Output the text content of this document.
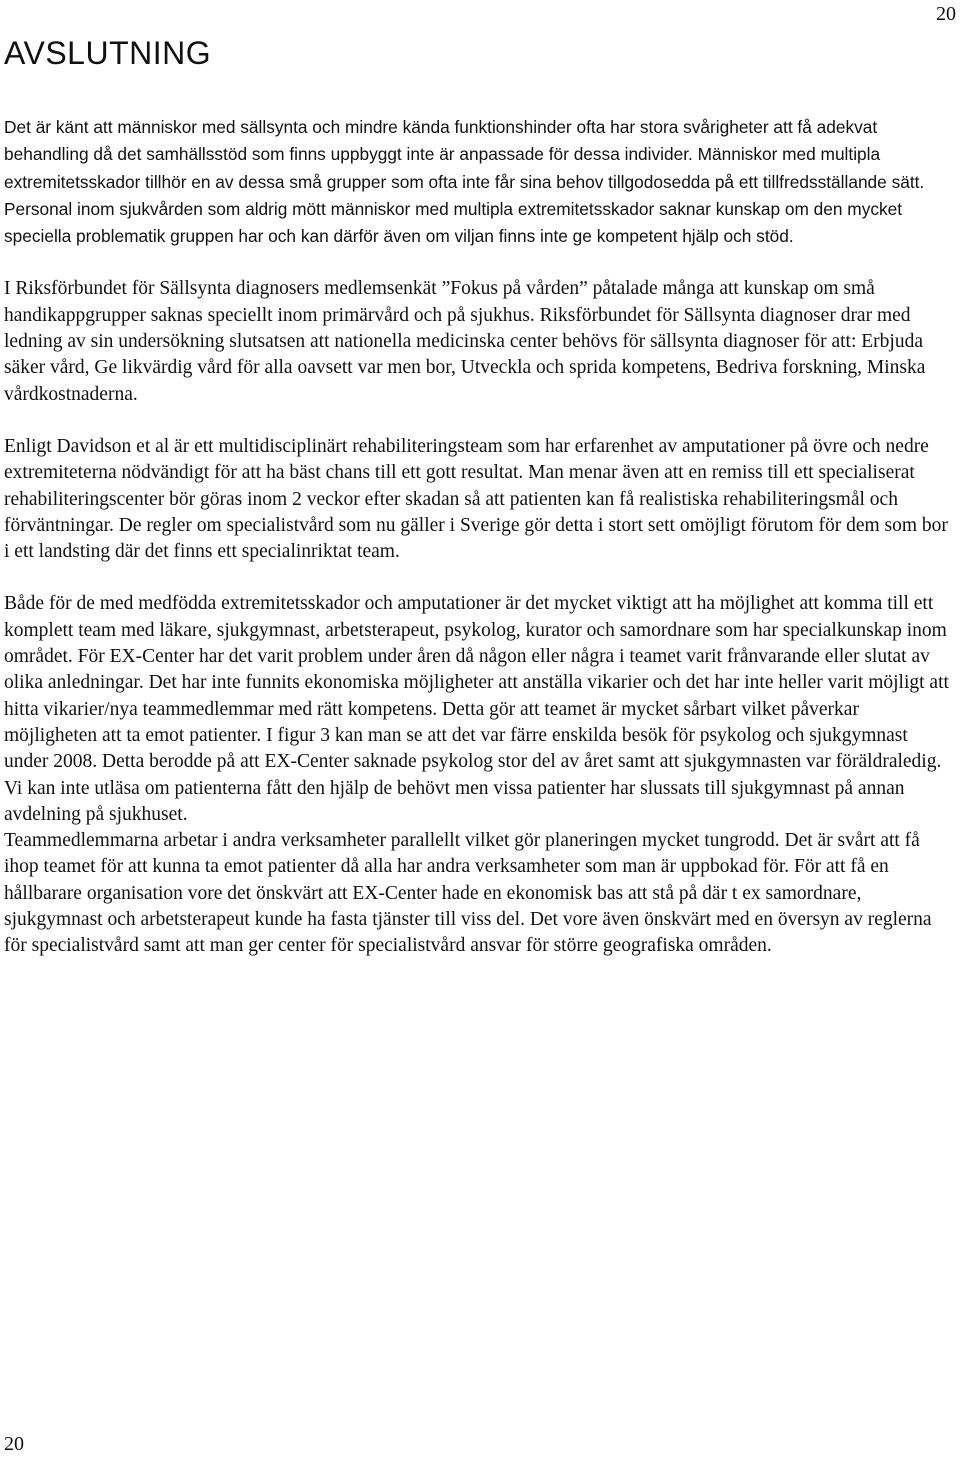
20
AVSLUTNING

Det är känt att människor med sällsynta och mindre kända funktionshinder ofta har stora svårigheter att få adekvat behandling då det samhällsstöd som finns uppbyggt inte är anpassade för dessa individer. Människor med multipla extremitetsskador tillhör en av dessa små grupper som ofta inte får sina behov tillgodosedda på ett tillfredsställande sätt. Personal inom sjukvården som aldrig mött människor med multipla extremitetsskador saknar kunskap om den mycket speciella problematik gruppen har och kan därför även om viljan finns inte ge kompetent hjälp och stöd.

I Riksförbundet för Sällsynta diagnosers medlemsenkät ”Fokus på vården” påtalade många att kunskap om små handikappgrupper saknas speciellt inom primärvård och på sjukhus. Riksförbundet för Sällsynta diagnoser drar med ledning av sin undersökning slutsatsen att nationella medicinska center behövs för sällsynta diagnoser för att: Erbjuda säker vård, Ge likvärdig vård för alla oavsett var men bor, Utveckla och sprida kompetens, Bedriva forskning, Minska vårdkostnaderna.

Enligt Davidson et al är ett multidisciplinärt rehabiliteringsteam som har erfarenhet av amputationer på övre och nedre extremiteterna nödvändigt för att ha bäst chans till ett gott resultat. Man menar även att en remiss till ett specialiserat rehabiliteringscenter bör göras inom 2 veckor efter skadan så att patienten kan få realistiska rehabiliteringsmål och förväntningar. De regler om specialistvård som nu gäller i Sverige gör detta i stort sett omöjligt förutom för dem som bor i ett landsting där det finns ett specialinriktat team.

Både för de med medfödda extremitetsskador och amputationer är det mycket viktigt att ha möjlighet att komma till ett komplett team med läkare, sjukgymnast, arbetsterapeut, psykolog, kurator och samordnare som har specialkunskap inom området. För EX-Center har det varit problem under åren då någon eller några i teamet varit frånvarande eller slutat av olika anledningar. Det har inte funnits ekonomiska möjligheter att anställa vikarier och det har inte heller varit möjligt att hitta vikarier/nya teammedlemmar med rätt kompetens. Detta gör att teamet är mycket sårbart vilket påverkar möjligheten att ta emot patienter. I figur 3 kan man se att det var färre enskilda besök för psykolog och sjukgymnast under 2008. Detta berodde på att EX-Center saknade psykolog stor del av året samt att sjukgymnasten var föräldraledig. Vi kan inte utläsa om patienterna fått den hjälp de behövt men vissa patienter har slussats till sjukgymnast på annan avdelning på sjukhuset.

Teammedlemmarna arbetar i andra verksamheter parallellt vilket gör planeringen mycket tungrodd. Det är svårt att få ihop teamet för att kunna ta emot patienter då alla har andra verksamheter som man är uppbokad för. För att få en hållbarare organisation vore det önskvärt att EX-Center hade en ekonomisk bas att stå på där t ex samordnare, sjukgymnast och arbetsterapeut kunde ha fasta tjänster till viss del. Det vore även önskvärt med en översyn av reglerna för specialistvård samt att man ger center för specialistvård ansvar för större geografiska områden.

20
